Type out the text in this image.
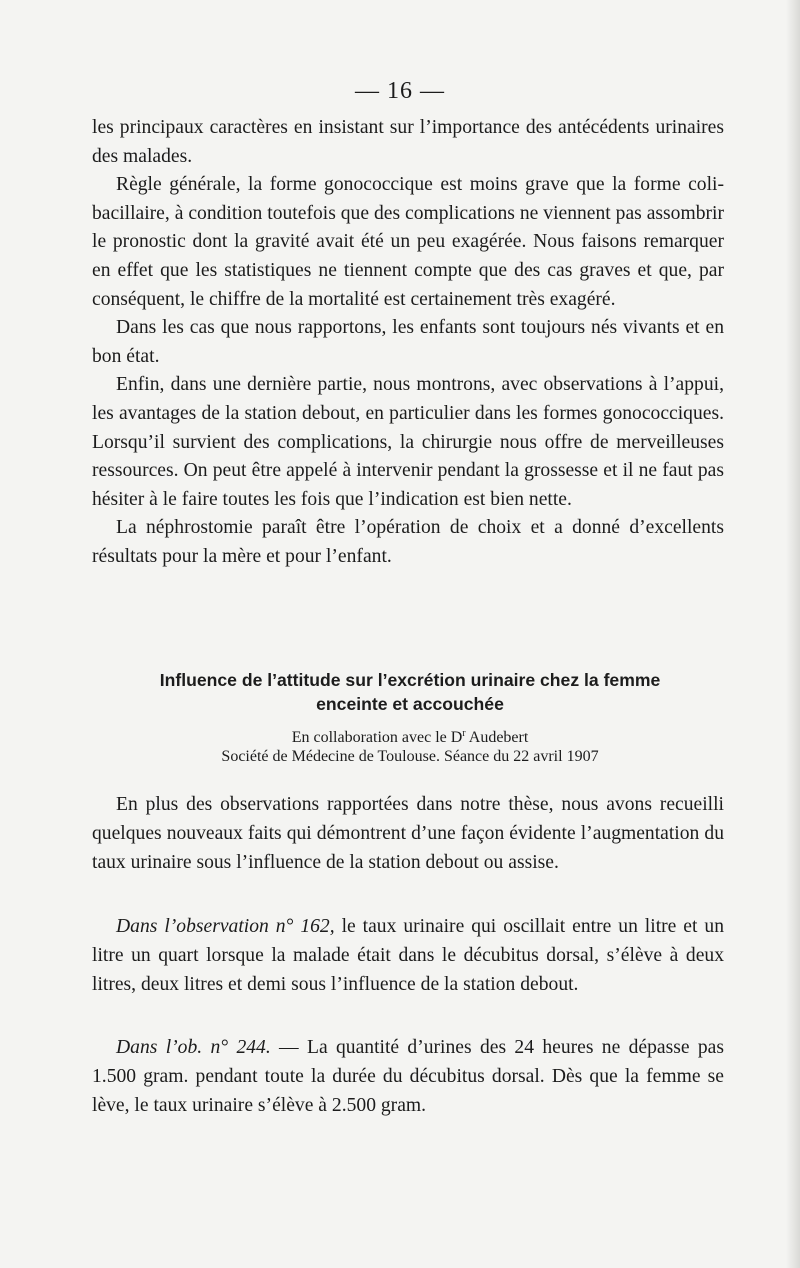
— 16 —

les principaux caractères en insistant sur l’importance des antécédents urinaires des malades.

Règle générale, la forme gonococcique est moins grave que la forme coli-bacillaire, à condition toutefois que des complications ne viennent pas assombrir le pronostic dont la gravité avait été un peu exagérée. Nous faisons remarquer en effet que les statistiques ne tiennent compte que des cas graves et que, par conséquent, le chiffre de la mortalité est certainement très exagéré.

Dans les cas que nous rapportons, les enfants sont toujours nés vivants et en bon état.

Enfin, dans une dernière partie, nous montrons, avec observations à l’appui, les avantages de la station debout, en particulier dans les formes gonococciques. Lorsqu’il survient des complications, la chirurgie nous offre de merveilleuses ressources. On peut être appelé à intervenir pendant la grossesse et il ne faut pas hésiter à le faire toutes les fois que l’indication est bien nette.

La néphrostomie paraît être l’opération de choix et a donné d’excellents résultats pour la mère et pour l’enfant.

Influence de l’attitude sur l’excrétion urinaire chez la femme
enceinte et accouchée
En collaboration avec le $D^r$ Audebert
Société de Médecine de Toulouse. Séance du 22 avril 1907

En plus des observations rapportées dans notre thèse, nous avons recueilli quelques nouveaux faits qui démontrent d’une façon évidente l’augmentation du taux urinaire sous l’influence de la station debout ou assise.

Dans l’observation n° 162, le taux urinaire qui oscillait entre un litre et un litre un quart lorsque la malade était dans le décubitus dorsal, s’élève à deux litres, deux litres et demi sous l’influence de la station debout.

Dans l’ob. n° 244. — La quantité d’urines des 24 heures ne dépasse pas 1.500 gram. pendant toute la durée du décubitus dorsal. Dès que la femme se lève, le taux urinaire s’élève à 2.500 gram.
